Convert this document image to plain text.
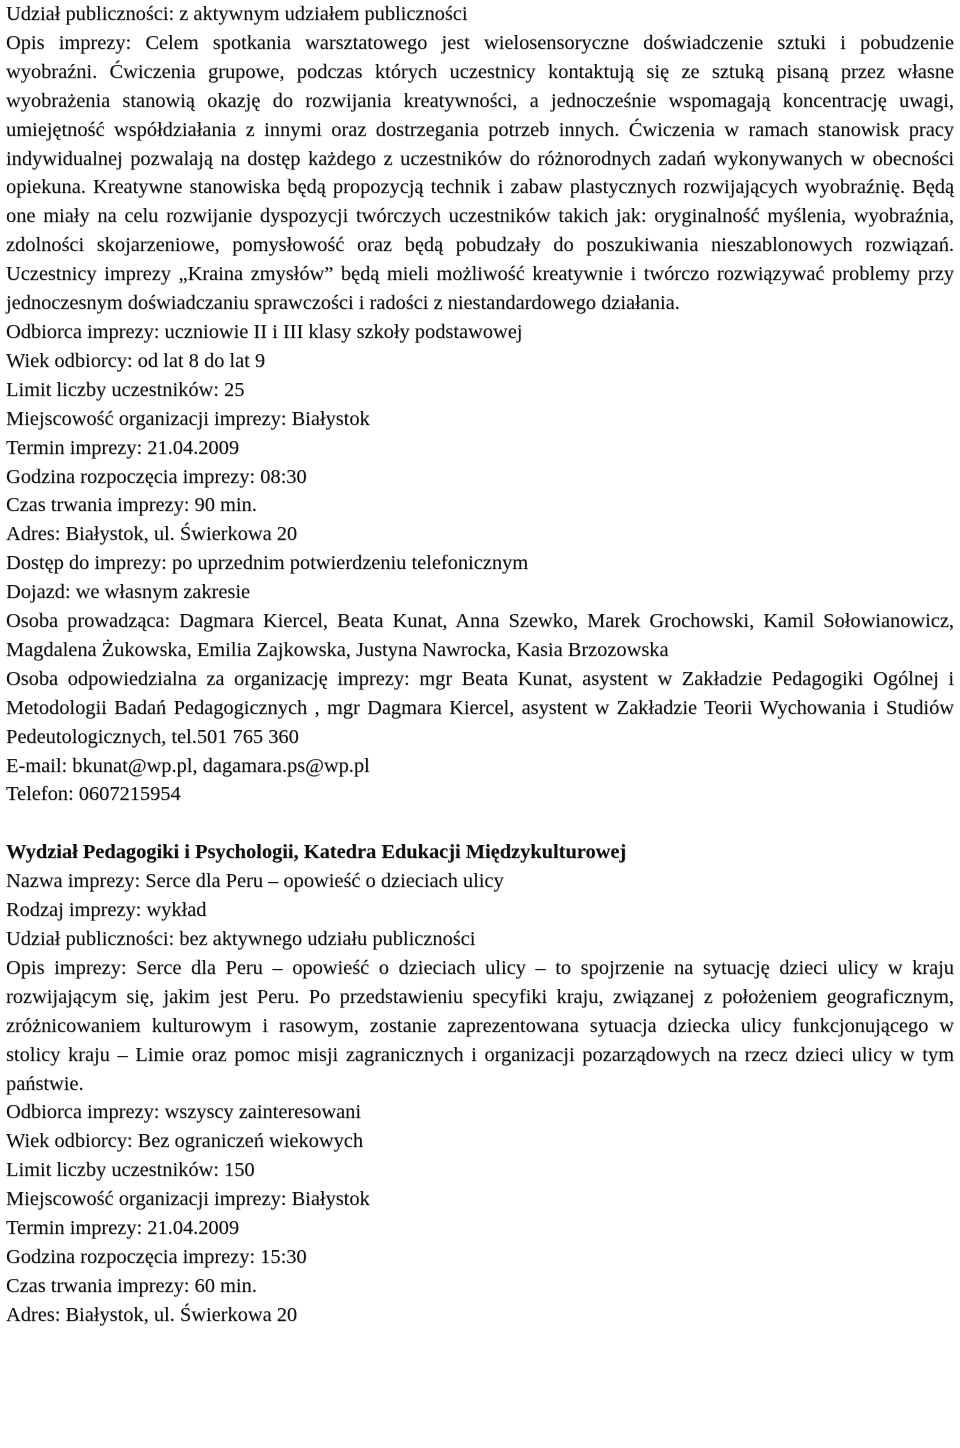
Udział publiczności: z aktywnym udziałem publiczności

Opis imprezy: Celem spotkania warsztatowego jest wielosensoryczne doświadczenie sztuki i pobudzenie wyobraźni. Ćwiczenia grupowe, podczas których uczestnicy kontaktują się ze sztuką pisaną przez własne wyobrażenia stanowią okazję do rozwijania kreatywności, a jednocześnie wspomagają koncentrację uwagi, umiejętność współdziałania z innymi oraz dostrzegania potrzeb innych. Ćwiczenia w ramach stanowisk pracy indywidualnej pozwalają na dostęp każdego z uczestników do różnorodnych zadań wykonywanych w obecności opiekuna. Kreatywne stanowiska będą propozycją technik i zabaw plastycznych rozwijających wyobraźnię. Będą one miały na celu rozwijanie dyspozycji twórczych uczestników takich jak: oryginalność myślenia, wyobraźnia, zdolności skojarzeniowe, pomysłowość oraz będą pobudzały do poszukiwania nieszablonowych rozwiązań. Uczestnicy imprezy „Kraina zmysłów” będą mieli możliwość kreatywnie i twórczo rozwiązywać problemy przy jednoczesnym doświadczaniu sprawczości i radości z niestandardowego działania.

Odbiorca imprezy: uczniowie II i III klasy szkoły podstawowej

Wiek odbiorcy: od lat 8 do lat 9

Limit liczby uczestników: 25

Miejscowość organizacji imprezy: Białystok

Termin imprezy: 21.04.2009

Godzina rozpoczęcia imprezy: 08:30

Czas trwania imprezy: 90 min.

Adres: Białystok, ul. Świerkowa 20

Dostęp do imprezy: po uprzednim potwierdzeniu telefonicznym

Dojazd: we własnym zakresie

Osoba prowadząca: Dagmara Kiercel, Beata Kunat, Anna Szewko, Marek Grochowski, Kamil Sołowianowicz, Magdalena Żukowska, Emilia Zajkowska, Justyna Nawrocka, Kasia Brzozowska

Osoba odpowiedzialna za organizację imprezy: mgr Beata Kunat, asystent w Zakładzie Pedagogiki Ogólnej i Metodologii Badań Pedagogicznych , mgr Dagmara Kiercel, asystent w Zakładzie Teorii Wychowania i Studiów Pedeutologicznych, tel.501 765 360

E-mail: bkunat@wp.pl, dagamara.ps@wp.pl

Telefon: 0607215954

Wydział Pedagogiki i Psychologii, Katedra Edukacji Międzykulturowej

Nazwa imprezy: Serce dla Peru – opowieść o dzieciach ulicy

Rodzaj imprezy: wykład

Udział publiczności: bez aktywnego udziału publiczności

Opis imprezy: Serce dla Peru – opowieść o dzieciach ulicy – to spojrzenie na sytuację dzieci ulicy w kraju rozwijającym się, jakim jest Peru. Po przedstawieniu specyfiki kraju, związanej z położeniem geograficznym, zróżnicowaniem kulturowym i rasowym, zostanie zaprezentowana sytuacja dziecka ulicy funkcjonującego w stolicy kraju – Limie oraz pomoc misji zagranicznych i organizacji pozarządowych na rzecz dzieci ulicy w tym państwie.

Odbiorca imprezy: wszyscy zainteresowani

Wiek odbiorcy: Bez ograniczeń wiekowych

Limit liczby uczestników: 150

Miejscowość organizacji imprezy: Białystok

Termin imprezy: 21.04.2009

Godzina rozpoczęcia imprezy: 15:30

Czas trwania imprezy: 60 min.

Adres: Białystok, ul. Świerkowa 20
